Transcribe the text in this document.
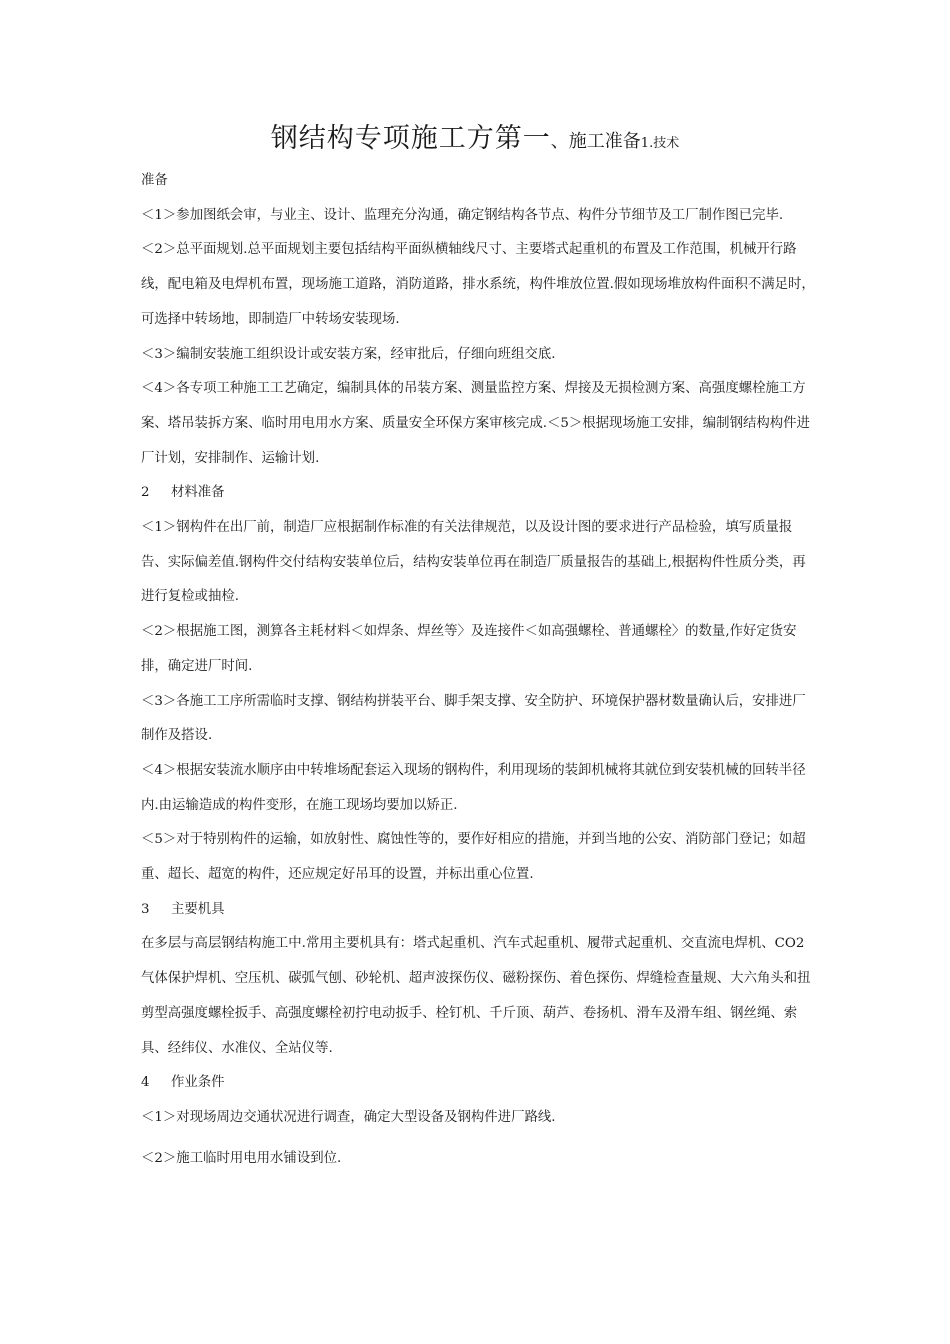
钢结构专项施工方第一、施工准备1.技术

准备

＜1＞参加图纸会审，与业主、设计、监理充分沟通，确定钢结构各节点、构件分节细节及工厂制作图已完毕.

＜2＞总平面规划.总平面规划主要包括结构平面纵横轴线尺寸、主要塔式起重机的布置及工作范围，机械开行路线，配电箱及电焊机布置，现场施工道路，消防道路，排水系统，构件堆放位置.假如现场堆放构件面积不满足时，可选择中转场地，即制造厂中转场安装现场.

＜3＞编制安装施工组织设计或安装方案，经审批后，仔细向班组交底.

＜4＞各专项工种施工工艺确定，编制具体的吊装方案、测量监控方案、焊接及无损检测方案、高强度螺栓施工方案、塔吊装拆方案、临时用电用水方案、质量安全环保方案审核完成.＜5＞根据现场施工安排，编制钢结构构件进厂计划，安排制作、运输计划.

2 材料准备

＜1＞钢构件在出厂前，制造厂应根据制作标准的有关法律规范，以及设计图的要求进行产品检验，填写质量报告、实际偏差值.钢构件交付结构安装单位后，结构安装单位再在制造厂质量报告的基础上,根据构件性质分类，再进行复检或抽检.

＜2＞根据施工图，测算各主耗材料＜如焊条、焊丝等〉及连接件＜如高强螺栓、普通螺栓〉的数量,作好定货安排，确定进厂时间.

＜3＞各施工工序所需临时支撑、钢结构拼装平台、脚手架支撑、安全防护、环境保护器材数量确认后，安排进厂制作及搭设.

＜4＞根据安装流水顺序由中转堆场配套运入现场的钢构件，利用现场的装卸机械将其就位到安装机械的回转半径内.由运输造成的构件变形，在施工现场均要加以矫正.

＜5＞对于特别构件的运输，如放射性、腐蚀性等的，要作好相应的措施，并到当地的公安、消防部门登记；如超重、超长、超宽的构件，还应规定好吊耳的设置，并标出重心位置.

3 主要机具

在多层与高层钢结构施工中.常用主要机具有：塔式起重机、汽车式起重机、履带式起重机、交直流电焊机、CO2气体保护焊机、空压机、碳弧气刨、砂轮机、超声波探伤仪、磁粉探伤、着色探伤、焊缝检查量规、大六角头和扭剪型高强度螺栓扳手、高强度螺栓初拧电动扳手、栓钉机、千斤顶、葫芦、卷扬机、滑车及滑车组、钢丝绳、索具、经纬仪、水准仪、全站仪等.

4 作业条件

＜1＞对现场周边交通状况进行调查，确定大型设备及钢构件进厂路线.

＜2＞施工临时用电用水铺设到位.
